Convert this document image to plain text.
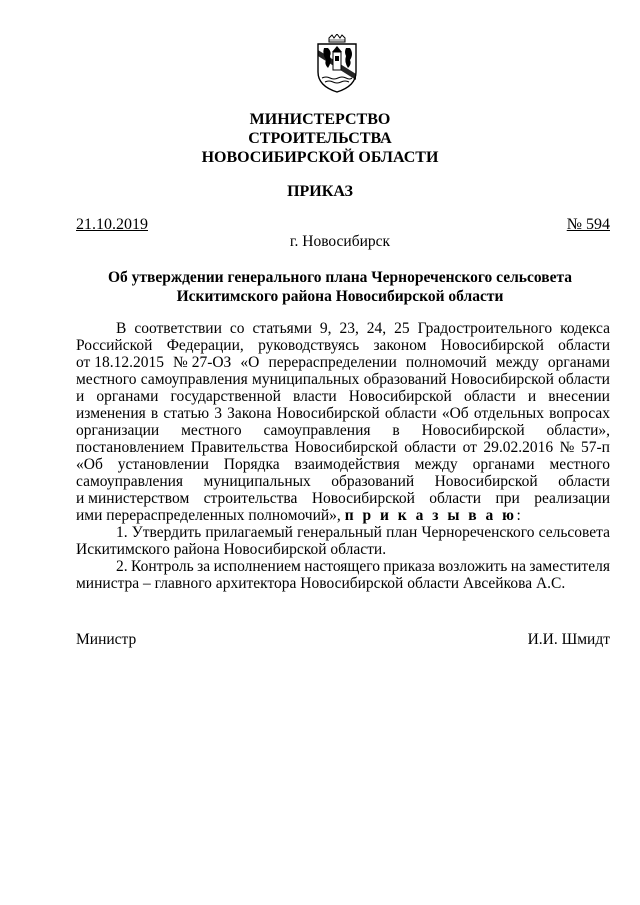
МИНИСТЕРСТВО
СТРОИТЕЛЬСТВА
НОВОСИБИРСКОЙ ОБЛАСТИ
ПРИКАЗ
21.10.2019	№ 594
г. Новосибирск
Об утверждении генерального плана Чернореченского сельсовета
Искитимского района Новосибирской области
В соответствии со статьями 9, 23, 24, 25 Градостроительного кодекса
Российской Федерации, руководствуясь законом Новосибирской области
от 18.12.2015 № 27-ОЗ «О перераспределении полномочий между органами
местного самоуправления муниципальных образований Новосибирской области
и органами государственной власти Новосибирской области и внесении
изменения в статью 3 Закона Новосибирской области «Об отдельных вопросах
организации местного самоуправления в Новосибирской области»,
постановлением Правительства Новосибирской области от 29.02.2016 № 57-п
«Об установлении Порядка взаимодействия между органами местного
самоуправления муниципальных образований Новосибирской области
и министерством строительства Новосибирской области при реализации
ими перераспределенных полномочий»,
п р и к а з ы в а ю :
1. Утвердить прилагаемый генеральный план Чернореченского сельсовета
Искитимского района Новосибирской области.
2. Контроль за исполнением настоящего приказа возложить на заместителя
министра – главного архитектора Новосибирской области Авсейкова А.С.
Министр	И.И. Шмидт
